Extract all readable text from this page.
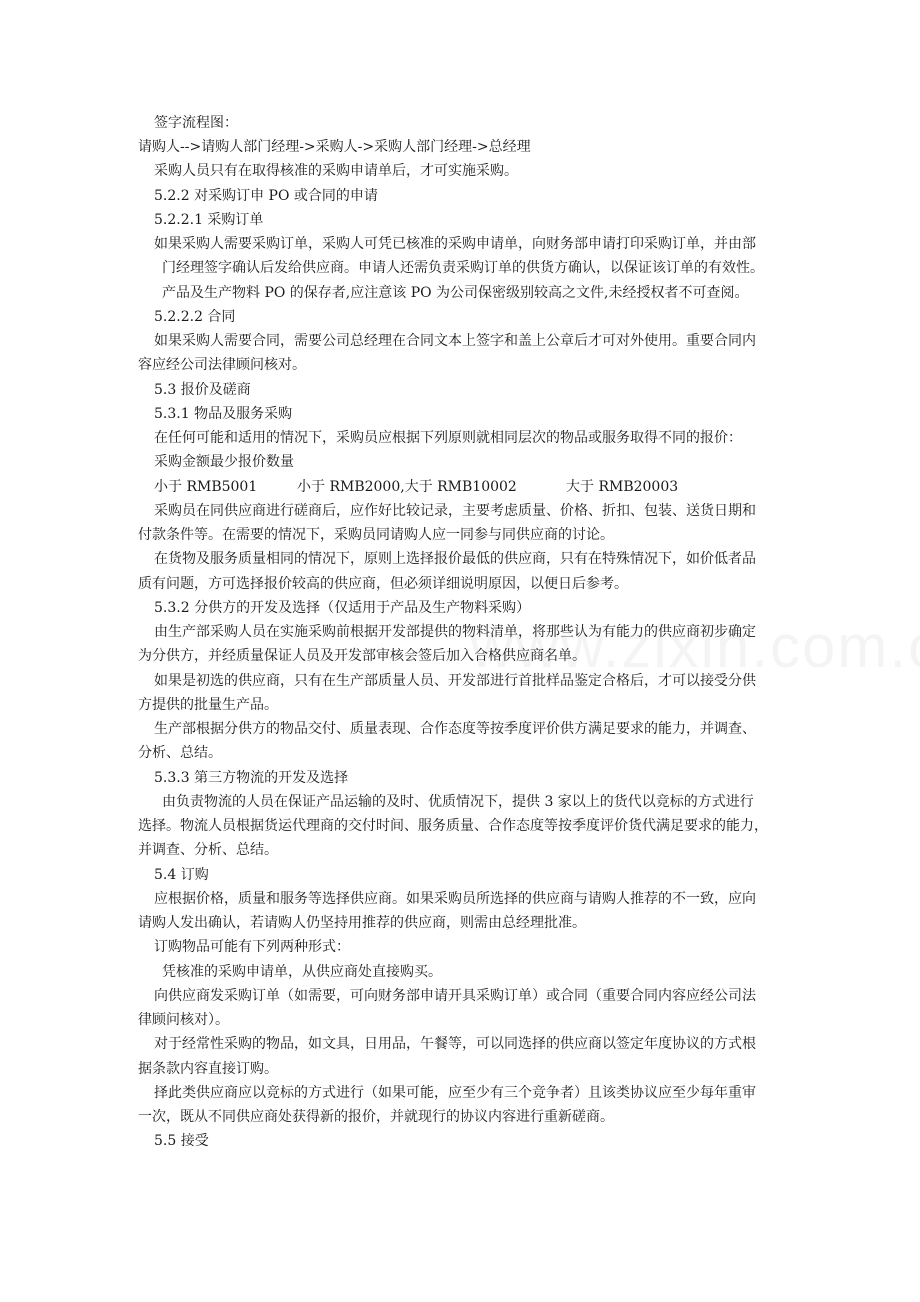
签字流程图：
请购人-->请购人部门经理->采购人->采购人部门经理->总经理
采购人员只有在取得核准的采购申请单后，才可实施采购。
5.2.2 对采购订申 PO 或合同的申请
5.2.2.1 采购订单
如果采购人需要采购订单，采购人可凭已核准的采购申请单，向财务部申请打印采购订单，并由部
门经理签字确认后发给供应商。申请人还需负责采购订单的供货方确认，以保证该订单的有效性。
产品及生产物料 PO 的保存者,应注意该 PO 为公司保密级别较高之文件,未经授权者不可查阅。
5.2.2.2 合同
如果采购人需要合同，需要公司总经理在合同文本上签字和盖上公章后才可对外使用。重要合同内
容应经公司法律顾问核对。
5.3 报价及磋商
5.3.1 物品及服务采购
在任何可能和适用的情况下，采购员应根据下列原则就相同层次的物品或服务取得不同的报价：
采购金额最少报价数量
小于 RMB5001	小于 RMB2000,大于 RMB10002	大于 RMB20003
采购员在同供应商进行磋商后，应作好比较记录，主要考虑质量、价格、折扣、包装、送货日期和
付款条件等。在需要的情况下，采购员同请购人应一同参与同供应商的讨论。
在货物及服务质量相同的情况下，原则上选择报价最低的供应商，只有在特殊情况下，如价低者品
质有问题，方可选择报价较高的供应商，但必须详细说明原因，以便日后参考。
5.3.2 分供方的开发及选择（仅适用于产品及生产物料采购）
由生产部采购人员在实施采购前根据开发部提供的物料清单，将那些认为有能力的供应商初步确定
为分供方，并经质量保证人员及开发部审核会签后加入合格供应商名单。
如果是初选的供应商，只有在生产部质量人员、开发部进行首批样品鉴定合格后，才可以接受分供
方提供的批量生产品。
生产部根据分供方的物品交付、质量表现、合作态度等按季度评价供方满足要求的能力，并调查、
分析、总结。
5.3.3 第三方物流的开发及选择
由负责物流的人员在保证产品运输的及时、优质情况下，提供 3 家以上的货代以竞标的方式进行
选择。物流人员根据货运代理商的交付时间、服务质量、合作态度等按季度评价货代满足要求的能力，
并调查、分析、总结。
5.4 订购
应根据价格，质量和服务等选择供应商。如果采购员所选择的供应商与请购人推荐的不一致，应向
请购人发出确认，若请购人仍坚持用推荐的供应商，则需由总经理批准。
订购物品可能有下列两种形式：
凭核准的采购申请单，从供应商处直接购买。
向供应商发采购订单（如需要，可向财务部申请开具采购订单）或合同（重要合同内容应经公司法
律顾问核对）。
对于经常性采购的物品，如文具，日用品，午餐等，可以同选择的供应商以签定年度协议的方式根
据条款内容直接订购。
择此类供应商应以竞标的方式进行（如果可能，应至少有三个竞争者）且该类协议应至少每年重审
一次，既从不同供应商处获得新的报价，并就现行的协议内容进行重新磋商。
5.5 接受
